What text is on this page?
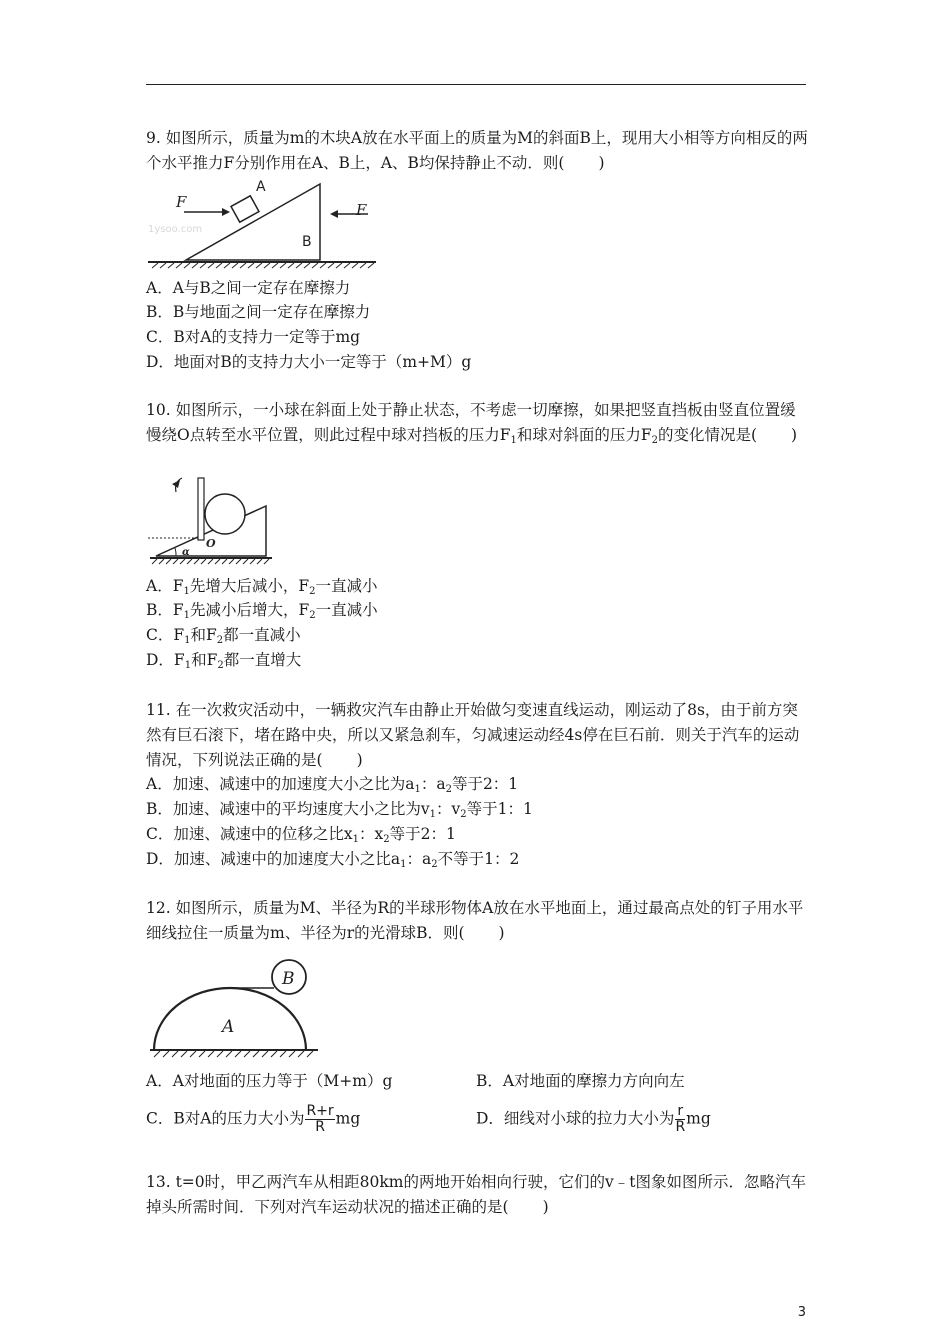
9. 如图所示，质量为m的木块A放在水平面上的质量为M的斜面B上，现用大小相等方向相反的两个水平推力F分别作用在A、B上，A、B均保持静止不动．则( )
F	F
A
B
1ysoo.com
A．A与B之间一定存在摩擦力
B．B与地面之间一定存在摩擦力
C．B对A的支持力一定等于mg
D．地面对B的支持力大小一定等于（m+M）g
10. 如图所示，一小球在斜面上处于静止状态，不考虑一切摩擦，如果把竖直挡板由竖直位置缓慢绕O点转至水平位置，则此过程中球对挡板的压力$F_1$和球对斜面的压力$F_2$的变化情况是( )
O
α
A．$F_1$先增大后减小，$F_2$一直减小
B．$F_1$先减小后增大，$F_2$一直减小
C．$F_1$和$F_2$都一直减小
D．$F_1$和$F_2$都一直增大
11. 在一次救灾活动中，一辆救灾汽车由静止开始做匀变速直线运动，刚运动了8s，由于前方突然有巨石滚下，堵在路中央，所以又紧急刹车，匀减速运动经4s停在巨石前．则关于汽车的运动情况，下列说法正确的是( )
A．加速、减速中的加速度大小之比为$a_1$：$a_2$等于2：1
B．加速、减速中的平均速度大小之比为$v_1$：$v_2$等于1：1
C．加速、减速中的位移之比$x_1$：$x_2$等于2：1
D．加速、减速中的加速度大小之比$a_1$：$a_2$不等于1：2
12. 如图所示，质量为M、半径为R的半球形物体A放在水平地面上，通过最高点处的钉子用水平细线拉住一质量为m、半径为r的光滑球B．则( )
B
A
A．A对地面的压力等于（M+m）g	B．A对地面的摩擦力方向向左
C．B对A的压力大小为 $\frac{R+r}{R}$ mg	D．细线对小球的拉力大小为 $\frac{r}{R}$ mg
13. t=0时，甲乙两汽车从相距80km的两地开始相向行驶，它们的v﹣t图象如图所示．忽略汽车掉头所需时间．下列对汽车运动状况的描述正确的是( )
3
